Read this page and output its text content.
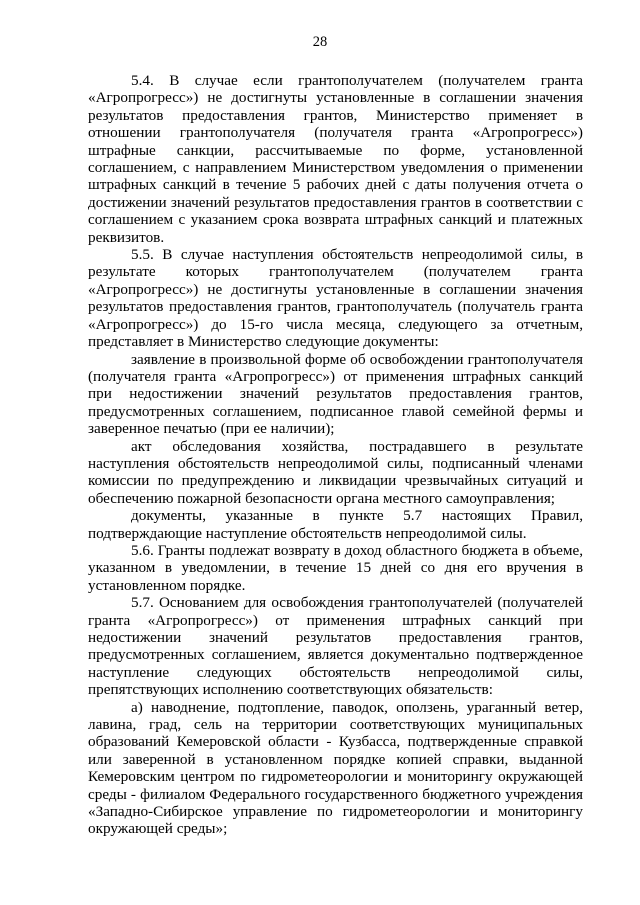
28

5.4. В случае если грантополучателем (получателем гранта «Агропрогресс») не достигнуты установленные в соглашении значения результатов предоставления грантов, Министерство применяет в отношении грантополучателя (получателя гранта «Агропрогресс») штрафные санкции, рассчитываемые по форме, установленной соглашением, с направлением Министерством уведомления о применении штрафных санкций в течение 5 рабочих дней с даты получения отчета о достижении значений результатов предоставления грантов в соответствии с соглашением с указанием срока возврата штрафных санкций и платежных реквизитов.

5.5. В случае наступления обстоятельств непреодолимой силы, в результате которых грантополучателем (получателем гранта «Агропрогресс») не достигнуты установленные в соглашении значения результатов предоставления грантов, грантополучатель (получатель гранта «Агропрогресс») до 15-го числа месяца, следующего за отчетным, представляет в Министерство следующие документы:

заявление в произвольной форме об освобождении грантополучателя (получателя гранта «Агропрогресс») от применения штрафных санкций при недостижении значений результатов предоставления грантов, предусмотренных соглашением, подписанное главой семейной фермы и заверенное печатью (при ее наличии);

акт обследования хозяйства, пострадавшего в результате наступления обстоятельств непреодолимой силы, подписанный членами комиссии по предупреждению и ликвидации чрезвычайных ситуаций и обеспечению пожарной безопасности органа местного самоуправления;

документы, указанные в пункте 5.7 настоящих Правил, подтверждающие наступление обстоятельств непреодолимой силы.

5.6. Гранты подлежат возврату в доход областного бюджета в объеме, указанном в уведомлении, в течение 15 дней со дня его вручения в установленном порядке.

5.7. Основанием для освобождения грантополучателей (получателей гранта «Агропрогресс») от применения штрафных санкций при недостижении значений результатов предоставления грантов, предусмотренных соглашением, является документально подтвержденное наступление следующих обстоятельств непреодолимой силы, препятствующих исполнению соответствующих обязательств:

а) наводнение, подтопление, паводок, оползень, ураганный ветер, лавина, град, сель на территории соответствующих муниципальных образований Кемеровской области - Кузбасса, подтвержденные справкой или заверенной в установленном порядке копией справки, выданной Кемеровским центром по гидрометеорологии и мониторингу окружающей среды - филиалом Федерального государственного бюджетного учреждения «Западно-Сибирское управление по гидрометеорологии и мониторингу окружающей среды»;
